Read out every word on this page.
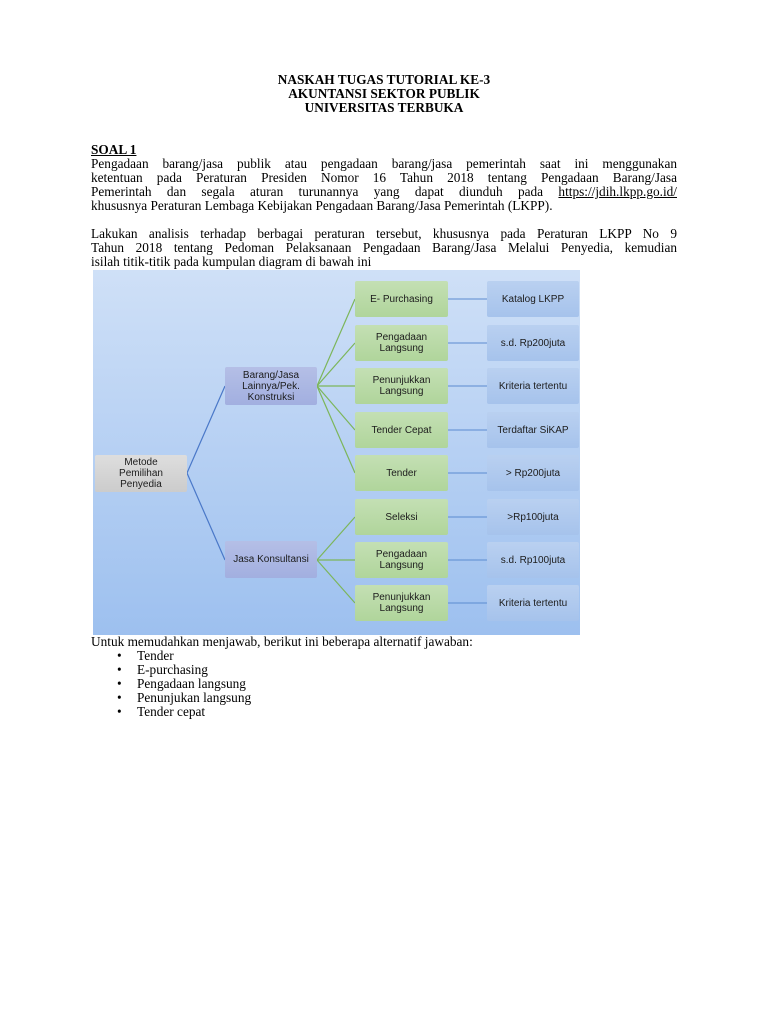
NASKAH TUGAS TUTORIAL KE-3
AKUNTANSI SEKTOR PUBLIK
UNIVERSITAS TERBUKA
SOAL 1
Pengadaan barang/jasa publik atau pengadaan barang/jasa pemerintah saat ini menggunakan
ketentuan pada Peraturan Presiden Nomor 16 Tahun 2018 tentang Pengadaan Barang/Jasa
Pemerintah dan segala aturan turunannya yang dapat diunduh pada https://jdih.lkpp.go.id/
khususnya Peraturan Lembaga Kebijakan Pengadaan Barang/Jasa Pemerintah (LKPP).
Lakukan analisis terhadap berbagai peraturan tersebut, khususnya pada Peraturan LKPP No 9
Tahun 2018 tentang Pedoman Pelaksanaan Pengadaan Barang/Jasa Melalui Penyedia, kemudian
isilah titik-titik pada kumpulan diagram di bawah ini
Metode Pemilihan Penyedia
Barang/Jasa Lainnya/Pek. Konstruksi
Jasa Konsultansi
E- Purchasing
Pengadaan Langsung
Penunjukkan Langsung
Tender Cepat
Tender
Seleksi
Pengadaan Langsung
Penunjukkan Langsung
Katalog LKPP
s.d. Rp200juta
Kriteria tertentu
Terdaftar SiKAP
> Rp200juta
>Rp100juta
s.d. Rp100juta
Kriteria tertentu
Untuk memudahkan menjawab, berikut ini beberapa alternatif jawaban:
• Tender
• E-purchasing
• Pengadaan langsung
• Penunjukan langsung
• Tender cepat
